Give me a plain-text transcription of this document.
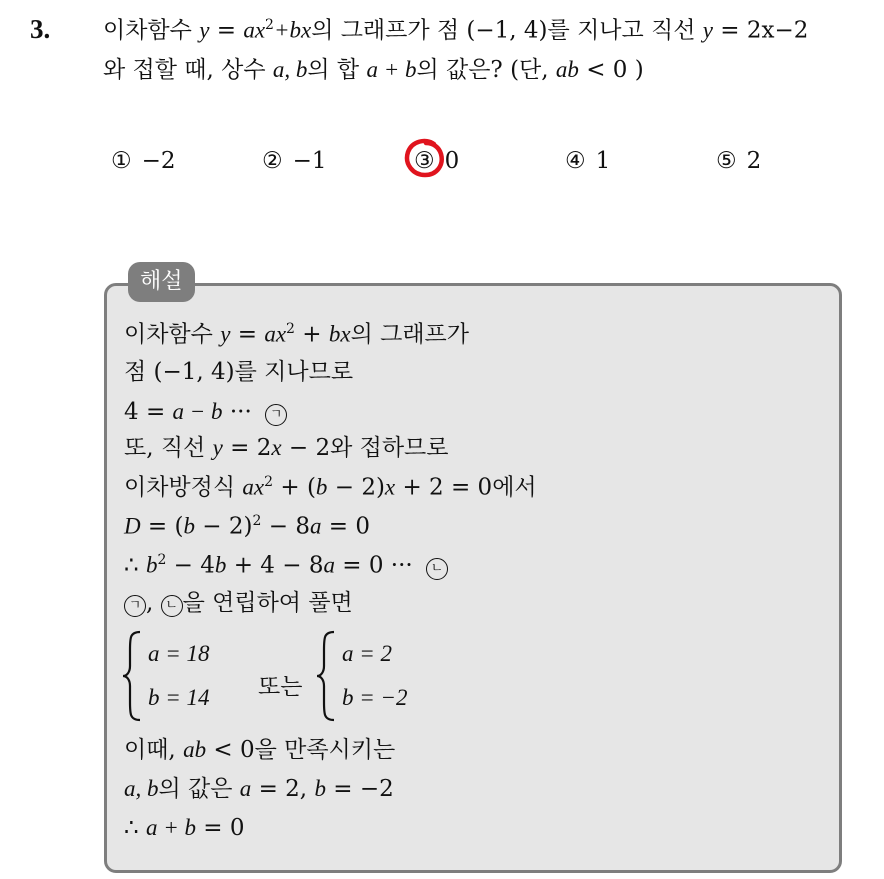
3. 이차함수 $y = ax^2+bx$의 그래프가 점 (−1, 4)를 지나고 직선 y = 2x−2
와 접할 때, 상수 a, b의 합 a + b의 값은? (단, ab < 0 )
① −2	② −1	③ 0	④ 1	⑤ 2
해설
이차함수 $y = ax^2$ + bx의 그래프가
점 (−1, 4)를 지나므로
4 = a − b ··· ㄱ
또, 직선 y = 2x − 2와 접하므로
이차방정식 $ax^2 + (b - 2)x + 2 = 0$에서
$D = (b - 2)^2 - 8a = 0$
∴ $b^2 - 4b + 4 - 8a = 0$ ··· ㄴ
ㄱ , ㄴ 을 연립하여 풀면
a = 18
b = 14 또는
a = 2
b = −2
이때, ab < 0을 만족시키는
a, b의 값은 a = 2, b = −2
∴ a + b = 0
